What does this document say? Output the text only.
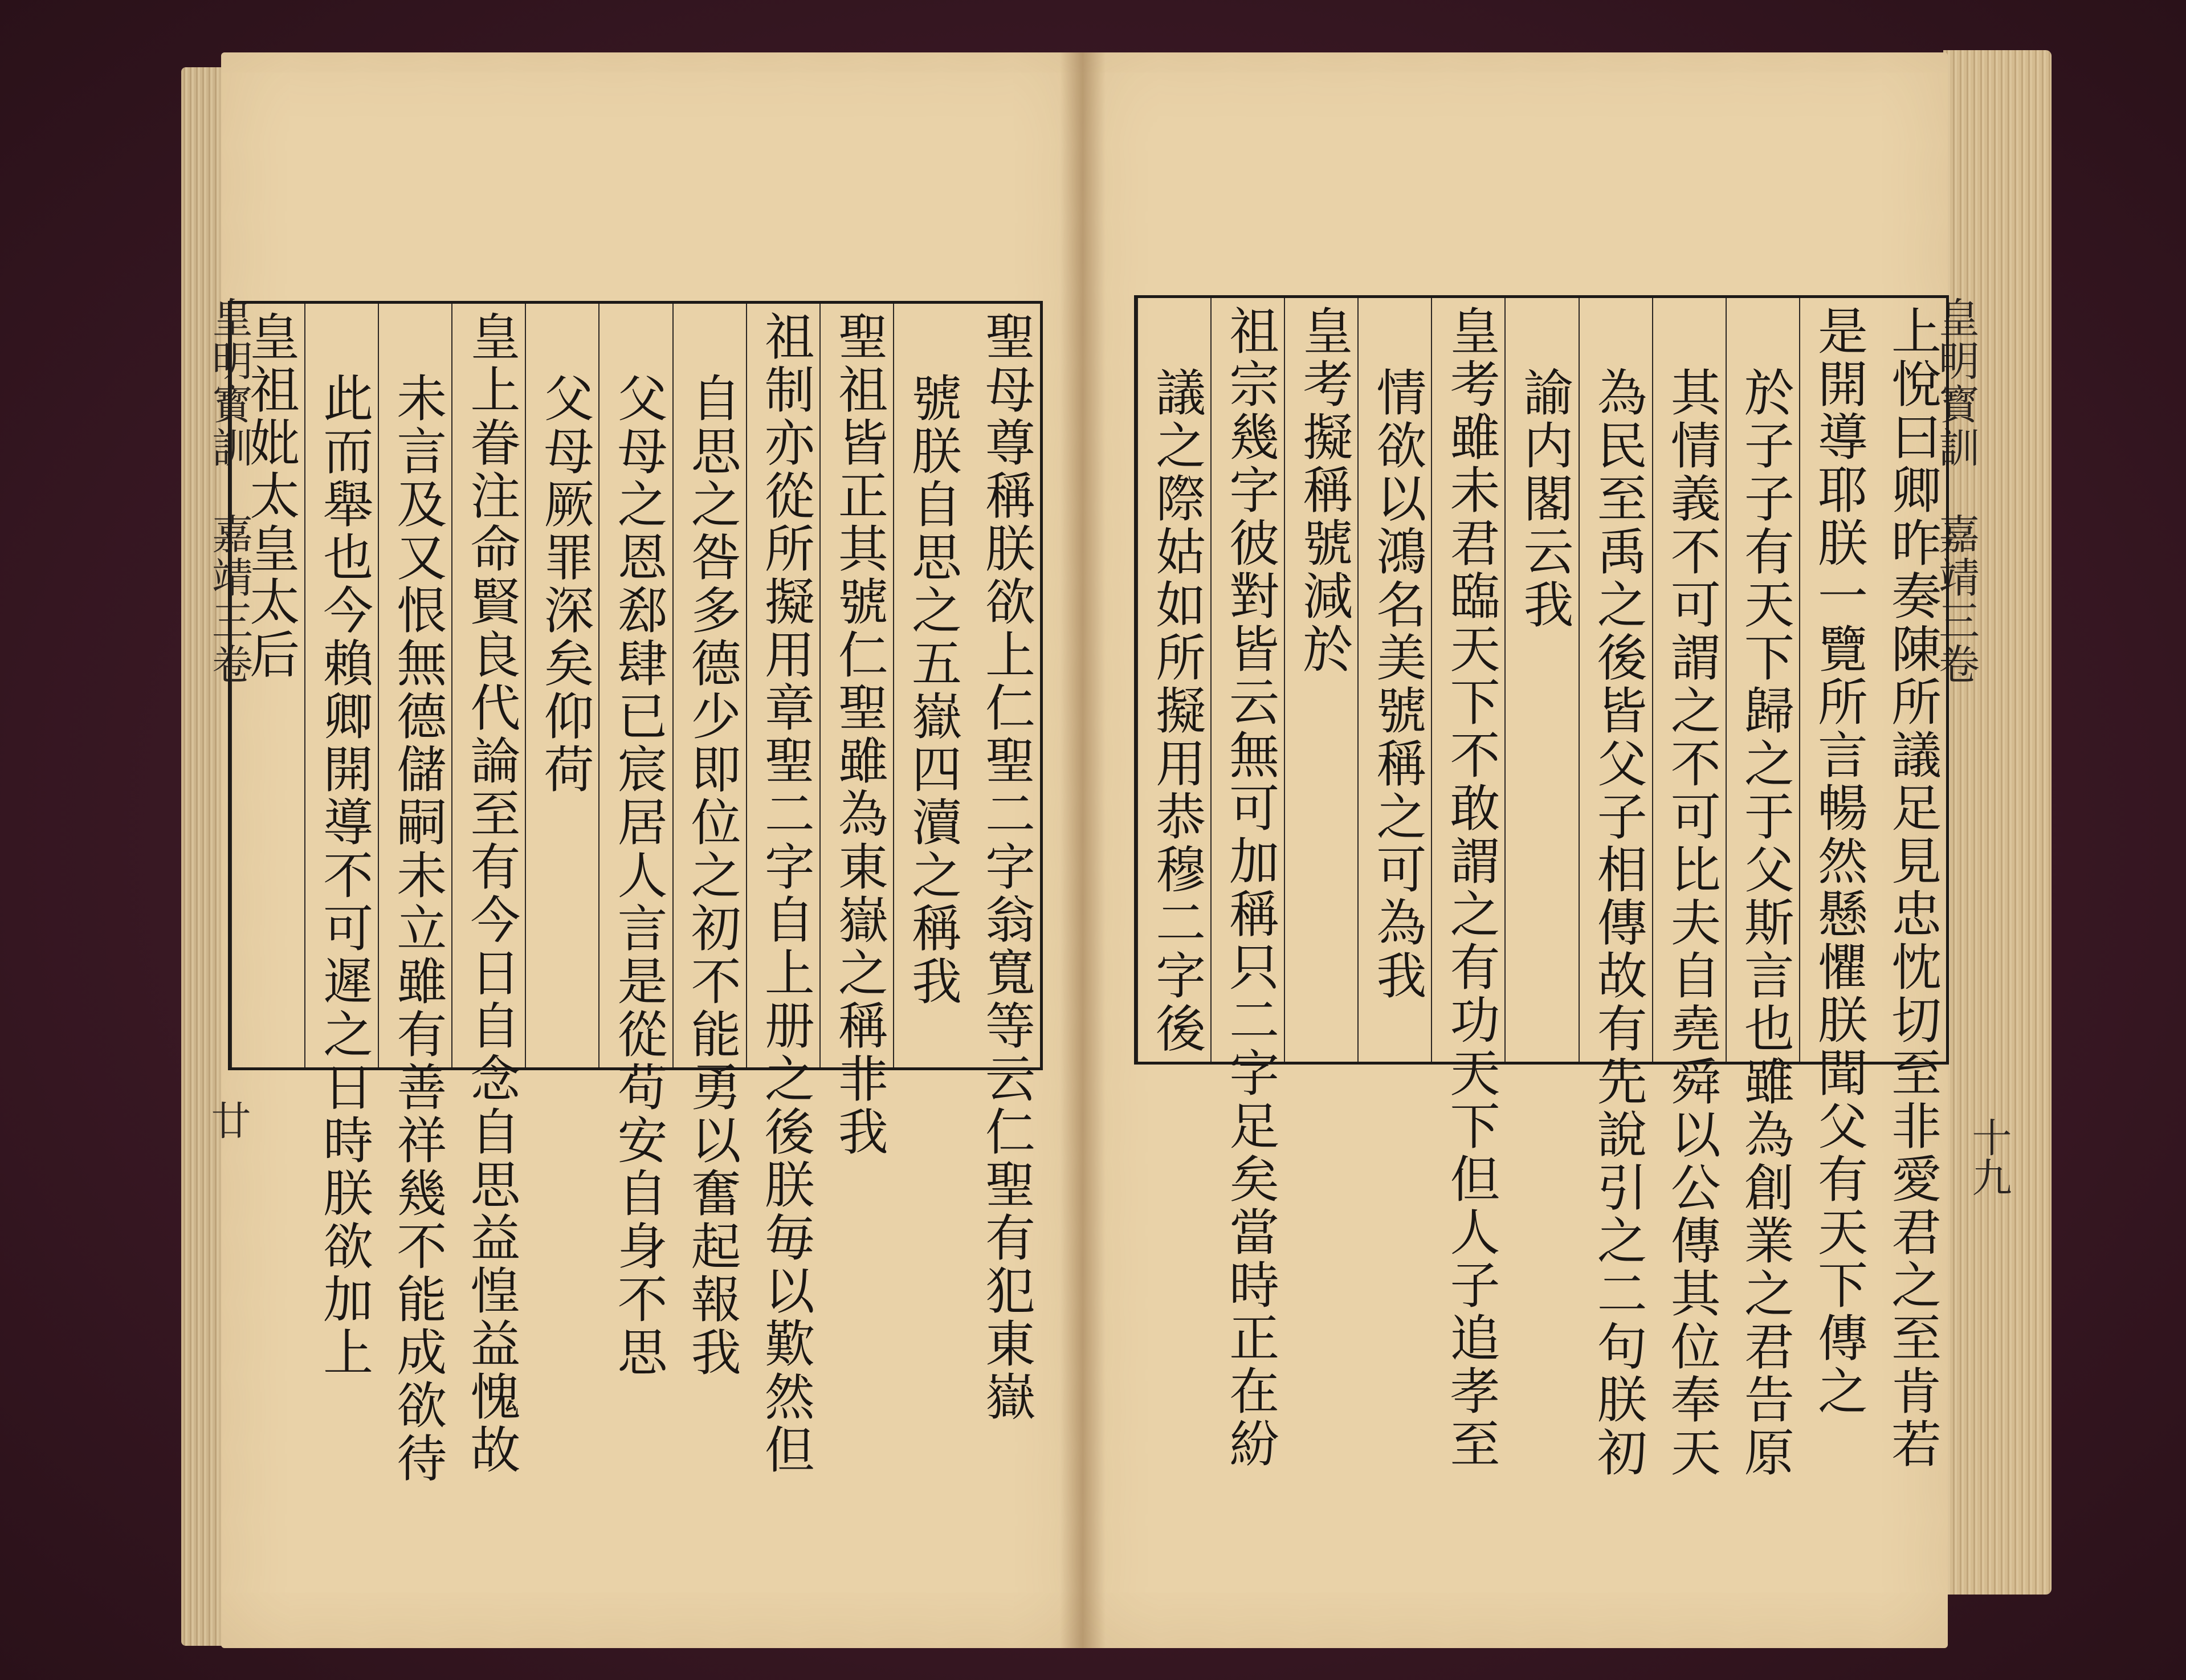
皇明寳訓　嘉靖三卷	皇明寳訓　嘉靖三卷
廿	十九
聖母尊稱朕欲上仁聖二字翁寬等云仁聖有犯東嶽
號朕自思之五嶽四瀆之稱我
聖祖皆正其號仁聖雖為東嶽之稱非我
祖制亦從所擬用章聖二字自上册之後朕毎以歎然但
自思之咎多德少即位之初不能勇以奮起報我
父母之恩郄肆已宸居人言是從苟安自身不思
父母厥罪深矣仰荷
皇上眷注命賢良代論至有今日自念自思益惶益愧故
未言及又恨無德儲嗣未立雖有善祥幾不能成欲待
此而舉也今賴卿開導不可遲之日時朕欲加上
皇祖妣太皇太后	上悅曰卿昨奏陳所議足見忠忱切至非愛君之至肯若
是開導耶朕一覽所言暢然懸懼朕聞父有天下傳之
於子子有天下歸之于父斯言也雖為創業之君告原
其情義不可謂之不可比夫自堯舜以公傳其位奉天
為民至禹之後皆父子相傳故有先說引之二句朕初
諭内閣云我
皇考雖未君臨天下不敢謂之有功天下但人子追孝至
情欲以鴻名美號稱之可為我
皇考擬稱號減於
祖宗幾字彼對皆云無可加稱只二字足矣當時正在紛
議之際姑如所擬用恭穆二字後
